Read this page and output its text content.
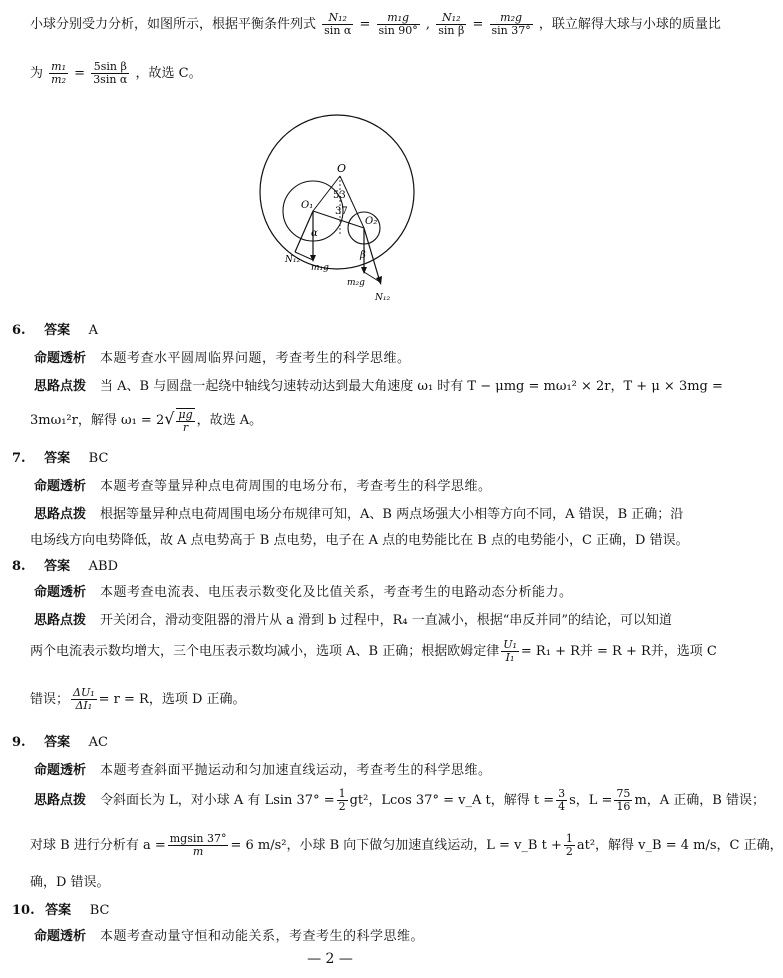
小球分别受力分析，如图所示，根据平衡条件列式 $\frac{\text{N₁₂}}{\text{sin α}} = \frac{\text{m₁g}}{\sin 90^\circ}$ , $\frac{\text{N₁₂}}{\text{sin β}} = \frac{\text{m₂g}}{\sin 37^\circ}$ ，联立解得大球与小球的质量比
为 $\frac{\text{m₁}}{\text{m₂}} = \frac{\text{5sin β}}{\text{3sin α}}$ ，故选 C。
O
O₁
O₂
53
37
α
β
N₁₂
m₁g
m₂g
N₁₂
6. 答案 A
命题透析 本题考查水平圆周临界问题，考查考生的科学思维。
思路点拨 当 A、B 与圆盘一起绕中轴线匀速转动达到最大角速度 ω₁ 时有 T − μmg = mω₁² × 2r，T + μ × 3mg =
3mω₁²r，解得 $\omega_1 = 2√ \frac{\mu g}{r}$ ，故选 A。
7. 答案 BC
命题透析 本题考查等量异种点电荷周围的电场分布，考查考生的科学思维。
思路点拨 根据等量异种点电荷周围电场分布规律可知，A、B 两点场强大小相等方向不同，A 错误，B 正确；沿
电场线方向电势降低，故 A 点电势高于 B 点电势，电子在 A 点的电势能比在 B 点的电势能小，C 正确，D 错误。
8. 答案 ABD
命题透析 本题考查电流表、电压表示数变化及比值关系，考查考生的电路动态分析能力。
思路点拨 开关闭合，滑动变阻器的滑片从 a 滑到 b 过程中，R₄ 一直减小，根据“串反并同”的结论，可以知道
两个电流表示数均增大，三个电压表示数均减小，选项 A、B 正确；根据欧姆定律 $\frac{\text{U₁}}{\text{I₁}} = R_1 + R$并 = R + R并，选项 C
错误； $\frac{\text{ΔU₁}}{\text{ΔI₁}} = r = R$，选项 D 正确。
9. 答案 AC
命题透析 本题考查斜面平抛运动和匀加速直线运动，考查考生的科学思维。
思路点拨 令斜面长为 L，对小球 A 有 Lsin $37^\circ = \frac{1}{2} gt^2$，Lcos 37° = v_A t，解得 $t = \frac{3}{4}$ s，$L = \frac{75}{16}$ m，A 正确，B 错误；
对球 B 进行分析有 $a = \frac{mgsin 37^\circ}{m} = 6$ m/s²，小球 B 向下做匀加速直线运动，L = v_B $t + \frac{1}{2} at^2$，解得 v_B = 4 m/s，C 正确，
确，D 错误。
10. 答案 BC
命题透析 本题考查动量守恒和动能关系，考查考生的科学思维。
— 2 —
